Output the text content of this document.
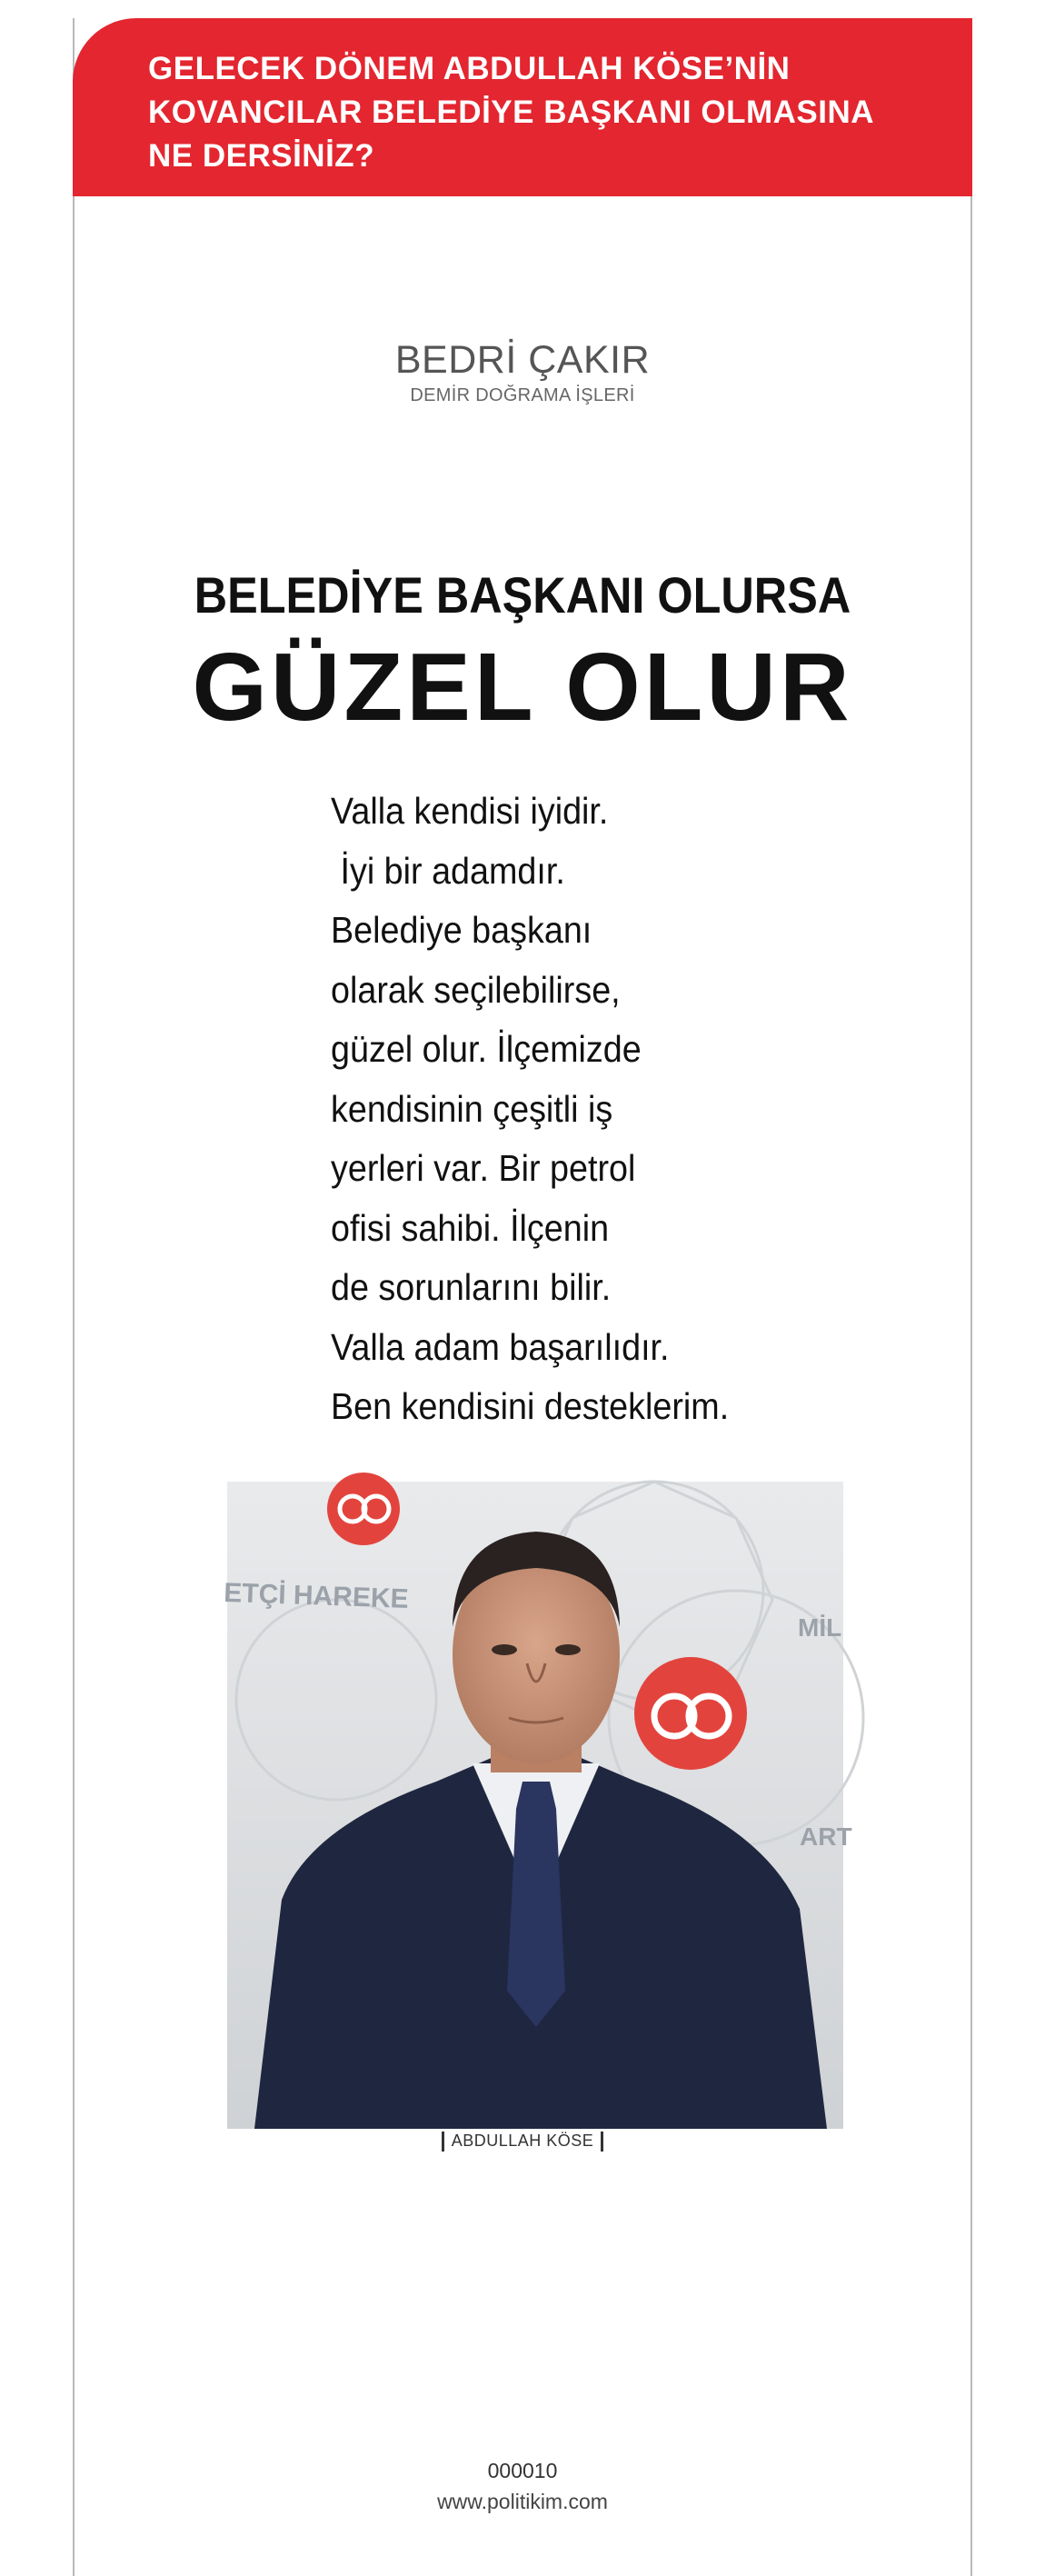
GELECEK DÖNEM ABDULLAH KÖSE’NİN
KOVANCILAR BELEDİYE BAŞKANI OLMASINA
NE DERSİNİZ?
BEDRİ ÇAKIR
DEMİR DOĞRAMA İŞLERİ
BELEDİYE BAŞKANI OLURSA
GÜZEL OLUR
Valla kendisi iyidir.
İyi bir adamdır.
Belediye başkanı
olarak seçilebilirse,
güzel olur. İlçemizde
kendisinin çeşitli iş
yerleri var. Bir petrol
ofisi sahibi. İlçenin
de sorunlarını bilir.
Valla adam başarılıdır.
Ben kendisini desteklerim.
ETÇİ HAREKE
MİL
ART
ABDULLAH KÖSE
000010
www.politikim.com
